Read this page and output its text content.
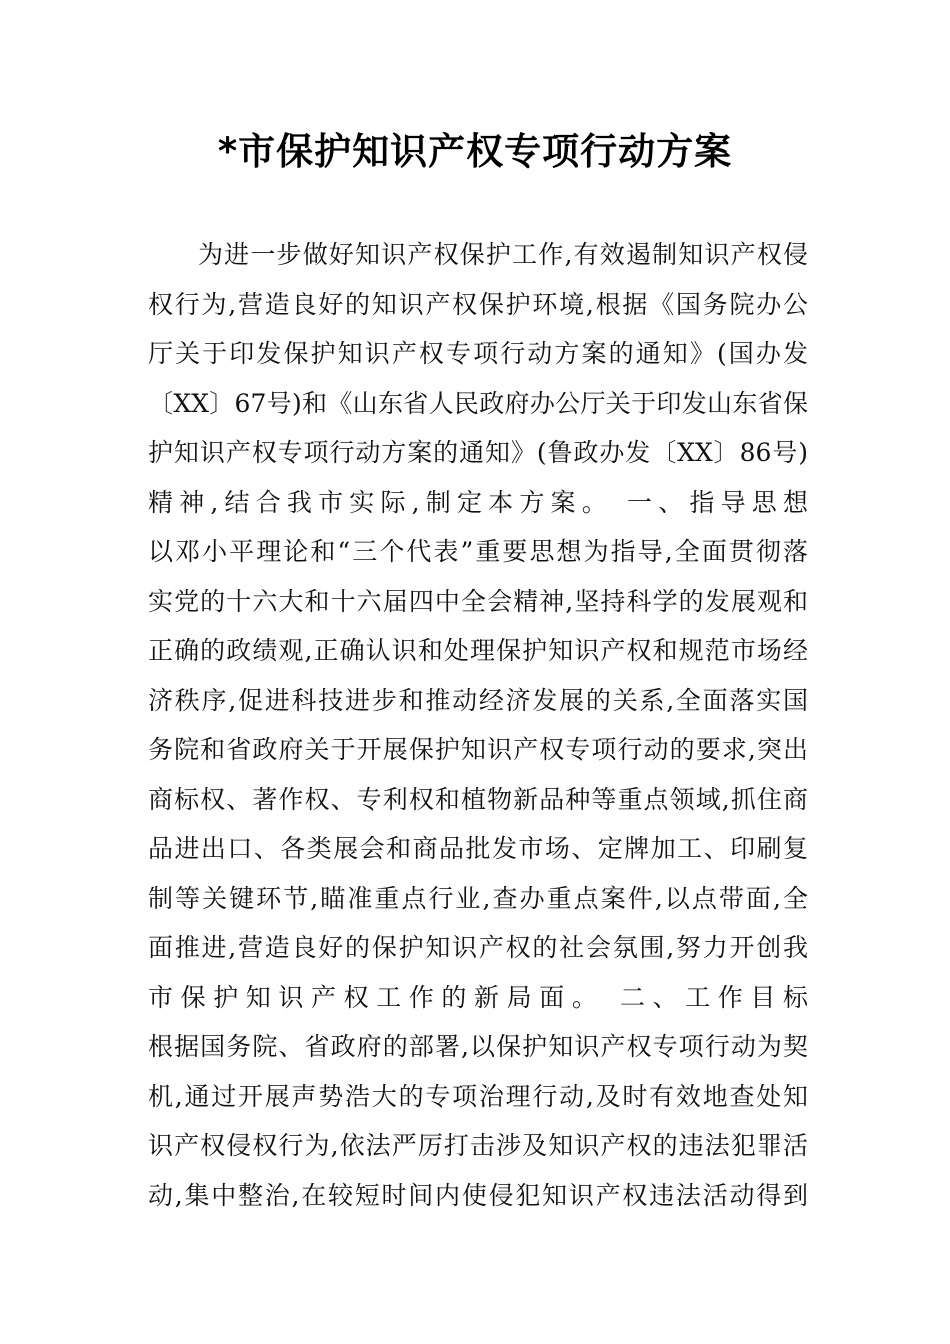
*市保护知识产权专项行动方案
为进一步做好知识产权保护工作,有效遏制知识产权侵
权行为,营造良好的知识产权保护环境,根据《国务院办公
厅关于印发保护知识产权专项行动方案的通知》(国办发
〔XX〕67号)和《山东省人民政府办公厅关于印发山东省保
护知识产权专项行动方案的通知》(鲁政办发〔XX〕86号)
精神,结合我市实际,制定本方案。 一、指导思想
以邓小平理论和“三个代表”重要思想为指导,全面贯彻落
实党的十六大和十六届四中全会精神,坚持科学的发展观和
正确的政绩观,正确认识和处理保护知识产权和规范市场经
济秩序,促进科技进步和推动经济发展的关系,全面落实国
务院和省政府关于开展保护知识产权专项行动的要求,突出
商标权、著作权、专利权和植物新品种等重点领域,抓住商
品进出口、各类展会和商品批发市场、定牌加工、印刷复
制等关键环节,瞄准重点行业,查办重点案件,以点带面,全
面推进,营造良好的保护知识产权的社会氛围,努力开创我
市保护知识产权工作的新局面。 二、工作目标
根据国务院、省政府的部署,以保护知识产权专项行动为契
机,通过开展声势浩大的专项治理行动,及时有效地查处知
识产权侵权行为,依法严厉打击涉及知识产权的违法犯罪活
动,集中整治,在较短时间内使侵犯知识产权违法活动得到
